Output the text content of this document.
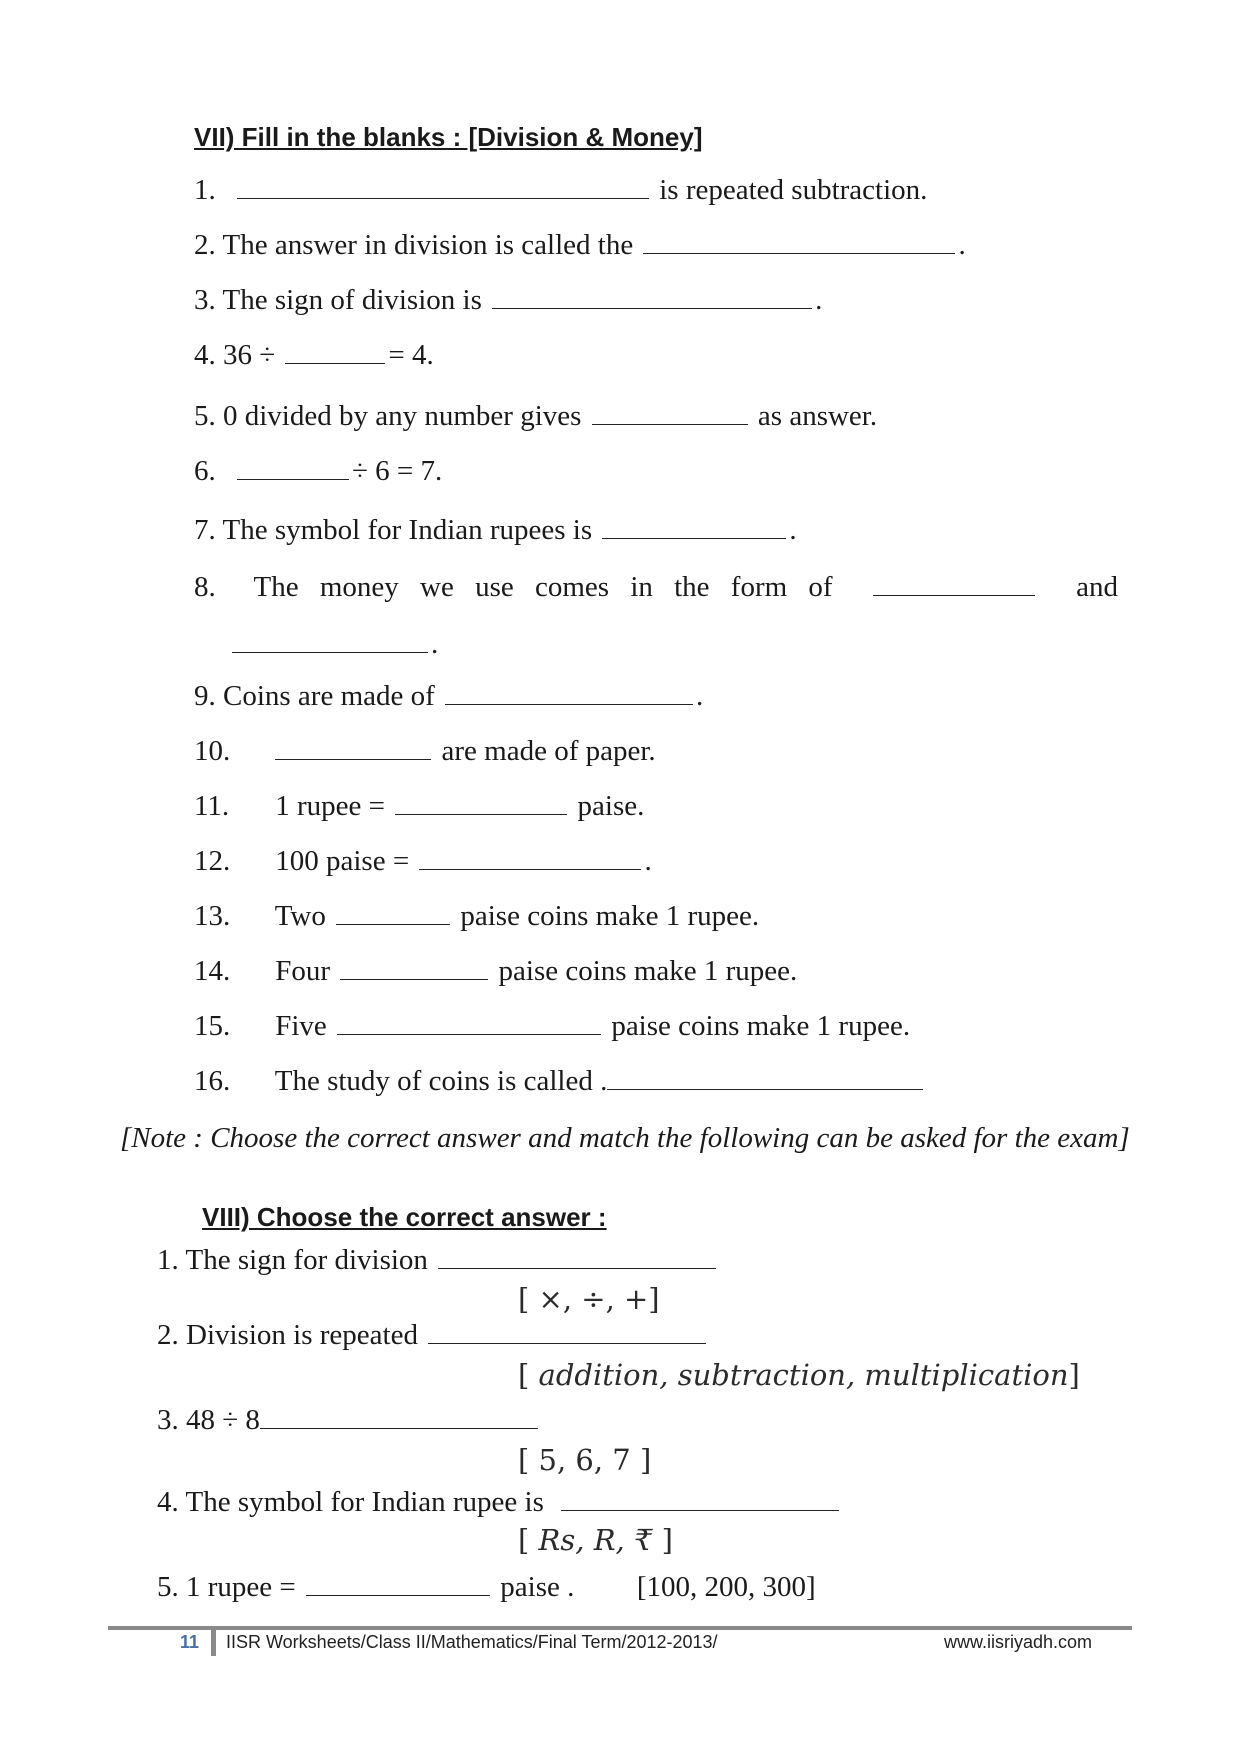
VII) Fill in the blanks : [Division & Money]
1.	is repeated subtraction.
2. The answer in division is called the	.
3. The sign of division is	.
4. 36 ÷	= 4.
5. 0 divided by any number gives	as answer.
6.	÷ 6 = 7.
7. The symbol for Indian rupees is	.
8. The money we use comes in the form of	and
.
9. Coins are made of	.
10.	are made of paper.
11. 1 rupee =	paise.
12. 100 paise =	.
13. Two	paise coins make 1 rupee.
14. Four	paise coins make 1 rupee.
15. Five	paise coins make 1 rupee.
16. The study of coins is called .
[Note : Choose the correct answer and match the following can be asked for the exam]
VIII) Choose the correct answer :
1. The sign for division
[ ×, ÷, +]
2. Division is repeated
[ addition, subtraction, multiplication]
3. 48 ÷ 8
[ 5, 6, 7 ]
4. The symbol for Indian rupee is
[ Rs, R, ₹ ]
5. 1 rupee =	paise . [100, 200, 300]
11 IISR Worksheets/Class II/Mathematics/Final Term/2012-2013/	www.iisriyadh.com
